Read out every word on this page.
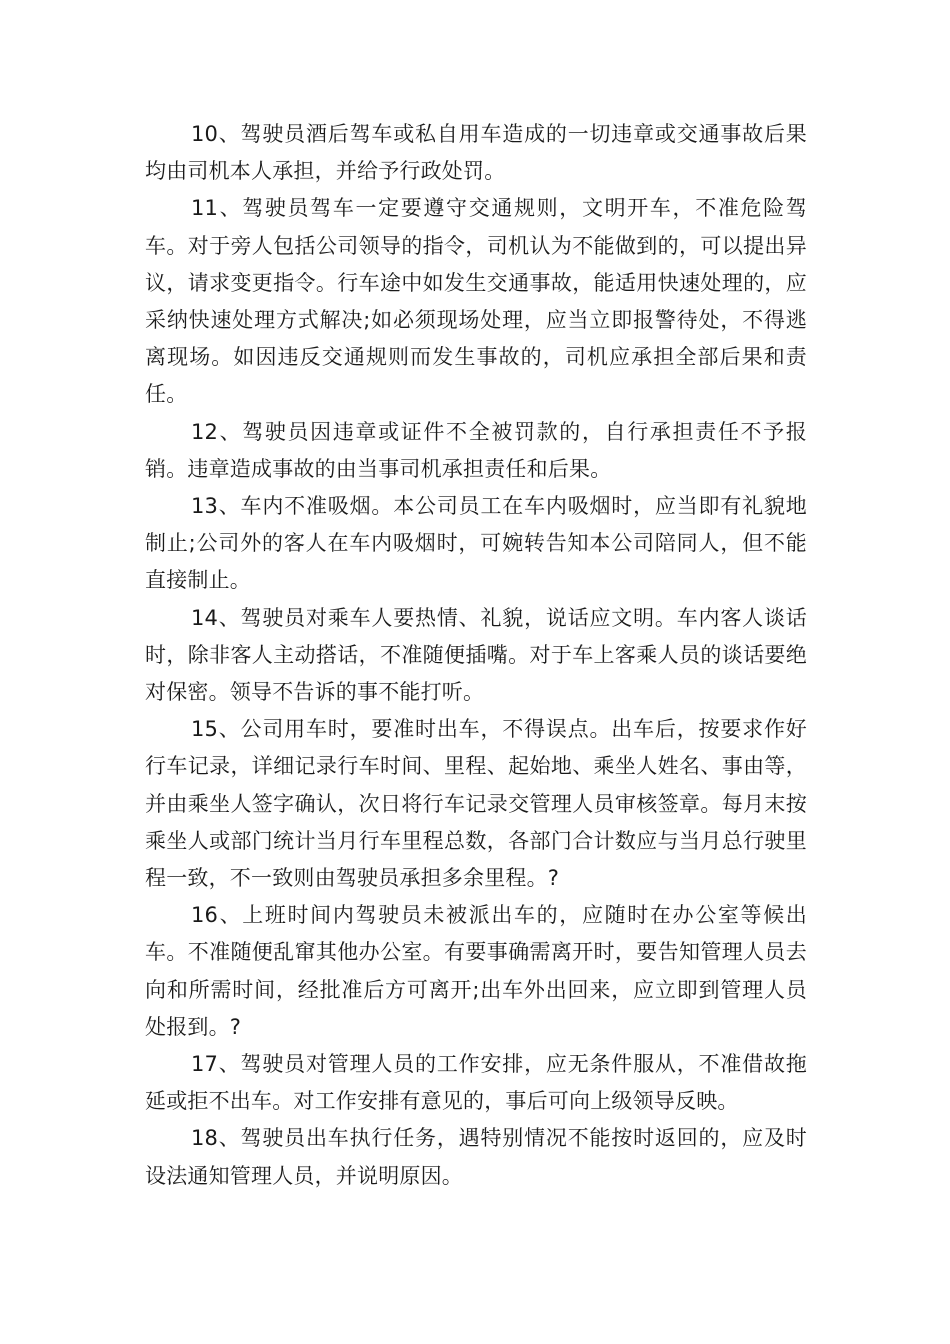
10、驾驶员酒后驾车或私自用车造成的一切违章或交通事故后果均由司机本人承担，并给予行政处罚。

11、驾驶员驾车一定要遵守交通规则，文明开车，不准危险驾车。对于旁人包括公司领导的指令，司机认为不能做到的，可以提出异议，请求变更指令。行车途中如发生交通事故，能适用快速处理的，应采纳快速处理方式解决;如必须现场处理，应当立即报警待处，不得逃离现场。如因违反交通规则而发生事故的，司机应承担全部后果和责任。

12、驾驶员因违章或证件不全被罚款的，自行承担责任不予报销。违章造成事故的由当事司机承担责任和后果。

13、车内不准吸烟。本公司员工在车内吸烟时，应当即有礼貌地制止;公司外的客人在车内吸烟时，可婉转告知本公司陪同人，但不能直接制止。

14、驾驶员对乘车人要热情、礼貌，说话应文明。车内客人谈话时，除非客人主动搭话，不准随便插嘴。对于车上客乘人员的谈话要绝对保密。领导不告诉的事不能打听。

15、公司用车时，要准时出车，不得误点。出车后，按要求作好行车记录，详细记录行车时间、里程、起始地、乘坐人姓名、事由等，并由乘坐人签字确认，次日将行车记录交管理人员审核签章。每月末按乘坐人或部门统计当月行车里程总数，各部门合计数应与当月总行驶里程一致，不一致则由驾驶员承担多余里程。?

16、上班时间内驾驶员未被派出车的，应随时在办公室等候出车。不准随便乱窜其他办公室。有要事确需离开时，要告知管理人员去向和所需时间，经批准后方可离开;出车外出回来，应立即到管理人员处报到。?

17、驾驶员对管理人员的工作安排，应无条件服从，不准借故拖延或拒不出车。对工作安排有意见的，事后可向上级领导反映。

18、驾驶员出车执行任务，遇特别情况不能按时返回的，应及时设法通知管理人员，并说明原因。
